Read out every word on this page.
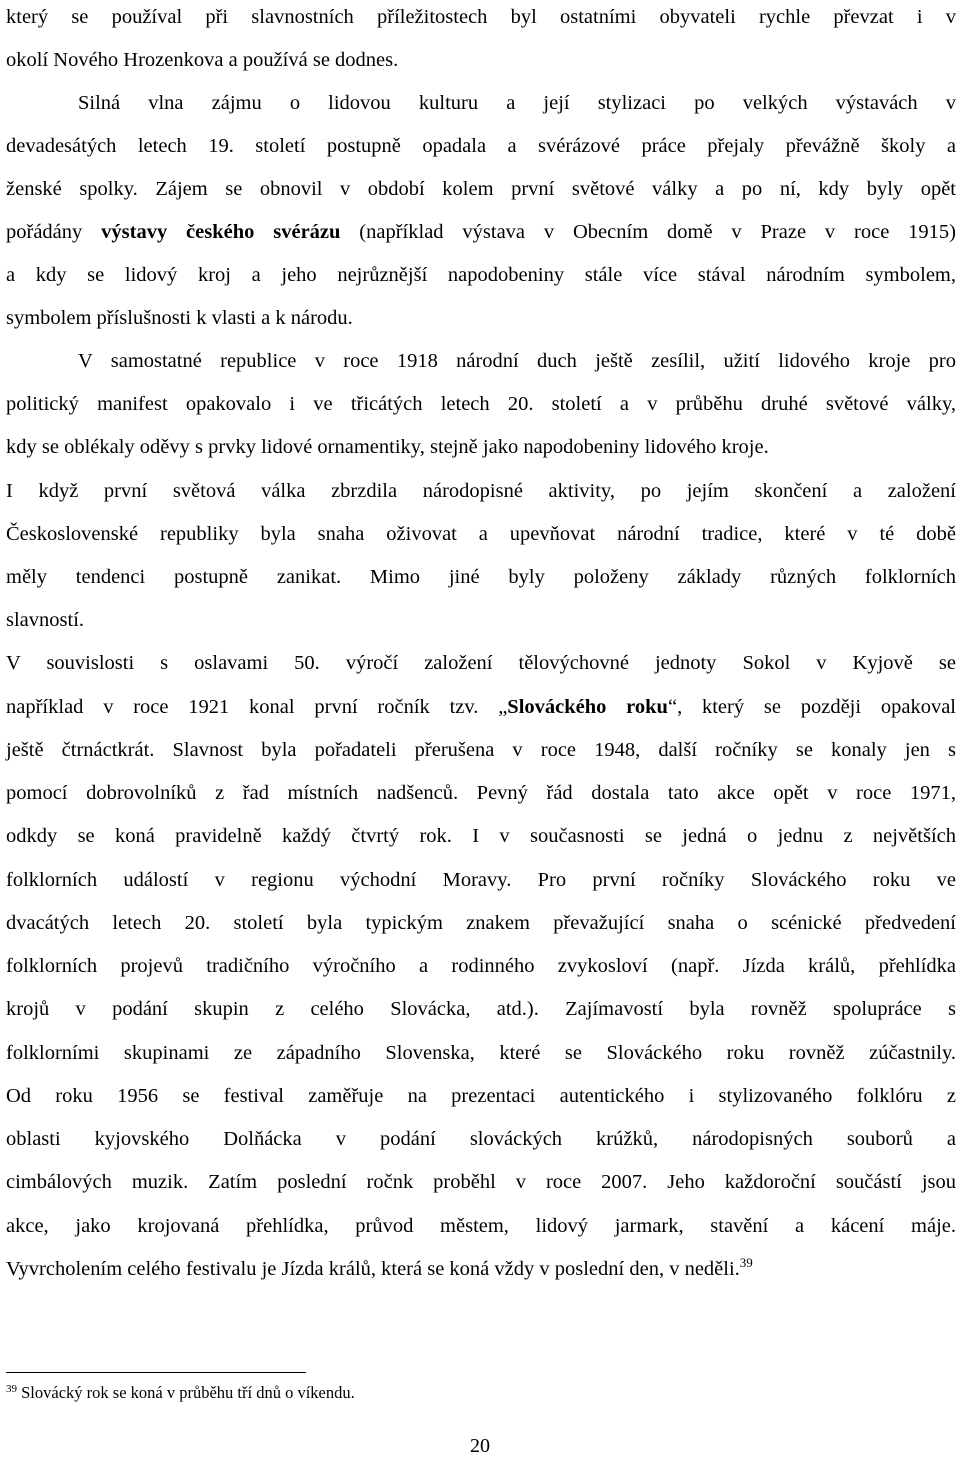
který se používal při slavnostních příležitostech byl ostatními obyvateli rychle převzat i v
okolí Nového Hrozenkova a používá se dodnes.
Silná vlna zájmu o lidovou kulturu a její stylizaci po velkých výstavách v
devadesátých letech 19. století postupně opadala a svérázové práce přejaly převážně školy a
ženské spolky. Zájem se obnovil v období kolem první světové války a po ní, kdy byly opět
pořádány výstavy českého svérázu (například výstava v Obecním domě v Praze v roce 1915)
a kdy se lidový kroj a jeho nejrůznější napodobeniny stále více stával národním symbolem,
symbolem příslušnosti k vlasti a k národu.
V samostatné republice v roce 1918 národní duch ještě zesílil, užití lidového kroje pro
politický manifest opakovalo i ve třicátých letech 20. století a v průběhu druhé světové války,
kdy se oblékaly oděvy s prvky lidové ornamentiky, stejně jako napodobeniny lidového kroje.
I když první světová válka zbrzdila národopisné aktivity, po jejím skončení a založení
Československé republiky byla snaha oživovat a upevňovat národní tradice, které v té době
měly tendenci postupně zanikat. Mimo jiné byly položeny základy různých folklorních
slavností.
V souvislosti s oslavami 50. výročí založení tělovýchovné jednoty Sokol v Kyjově se
například v roce 1921 konal první ročník tzv. „Slováckého roku“, který se později opakoval
ještě čtrnáctkrát. Slavnost byla pořadateli přerušena v roce 1948, další ročníky se konaly jen s
pomocí dobrovolníků z řad místních nadšenců. Pevný řád dostala tato akce opět v roce 1971,
odkdy se koná pravidelně každý čtvrtý rok. I v současnosti se jedná o jednu z největších
folklorních událostí v regionu východní Moravy. Pro první ročníky Slováckého roku ve
dvacátých letech 20. století byla typickým znakem převažující snaha o scénické předvedení
folklorních projevů tradičního výročního a rodinného zvykosloví (např. Jízda králů, přehlídka
krojů v podání skupin z celého Slovácka, atd.). Zajímavostí byla rovněž spolupráce s
folklorními skupinami ze západního Slovenska, které se Slováckého roku rovněž zúčastnily.
Od roku 1956 se festival zaměřuje na prezentaci autentického i stylizovaného folklóru z
oblasti kyjovského Dolňácka v podání slováckých krúžků, národopisných souborů a
cimbálových muzik. Zatím poslední ročnk proběhl v roce 2007. Jeho každoroční součástí jsou
akce, jako krojovaná přehlídka, průvod městem, lidový jarmark, stavění a kácení máje.
Vyvrcholením celého festivalu je Jízda králů, která se koná vždy v poslední den, v neděli.$^{39}$
$^{39}$ Slovácký rok se koná v průběhu tří dnů o víkendu.
20
